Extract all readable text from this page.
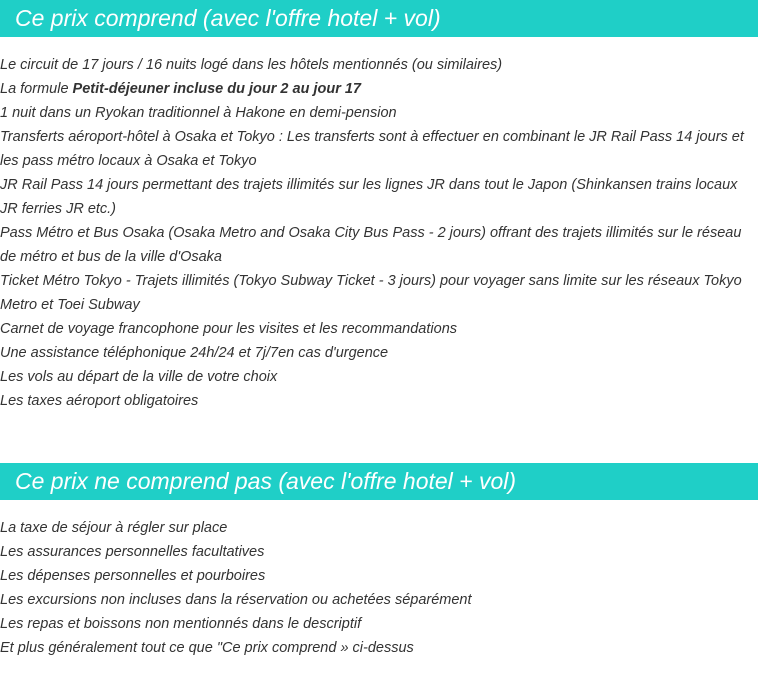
Ce prix comprend (avec l'offre hotel + vol)
Le circuit de 17 jours / 16 nuits logé dans les hôtels mentionnés (ou similaires)
La formule Petit-déjeuner incluse du jour 2 au jour 17
1 nuit dans un Ryokan traditionnel à Hakone en demi-pension
Transferts aéroport-hôtel à Osaka et Tokyo : Les transferts sont à effectuer en combinant le JR Rail Pass 14 jours et les pass métro locaux à Osaka et Tokyo
JR Rail Pass 14 jours permettant des trajets illimités sur les lignes JR dans tout le Japon (Shinkansen trains locaux JR ferries JR etc.)
Pass Métro et Bus Osaka (Osaka Metro and Osaka City Bus Pass - 2 jours) offrant des trajets illimités sur le réseau de métro et bus de la ville d'Osaka
Ticket Métro Tokyo - Trajets illimités (Tokyo Subway Ticket - 3 jours) pour voyager sans limite sur les réseaux Tokyo Metro et Toei Subway
Carnet de voyage francophone pour les visites et les recommandations
Une assistance téléphonique 24h/24 et 7j/7en cas d'urgence
Les vols au départ de la ville de votre choix
Les taxes aéroport obligatoires
Ce prix ne comprend pas (avec l'offre hotel + vol)
La taxe de séjour à régler sur place
Les assurances personnelles facultatives
Les dépenses personnelles et pourboires
Les excursions non incluses dans la réservation ou achetées séparément
Les repas et boissons non mentionnés dans le descriptif
Et plus généralement tout ce que "Ce prix comprend » ci-dessus
